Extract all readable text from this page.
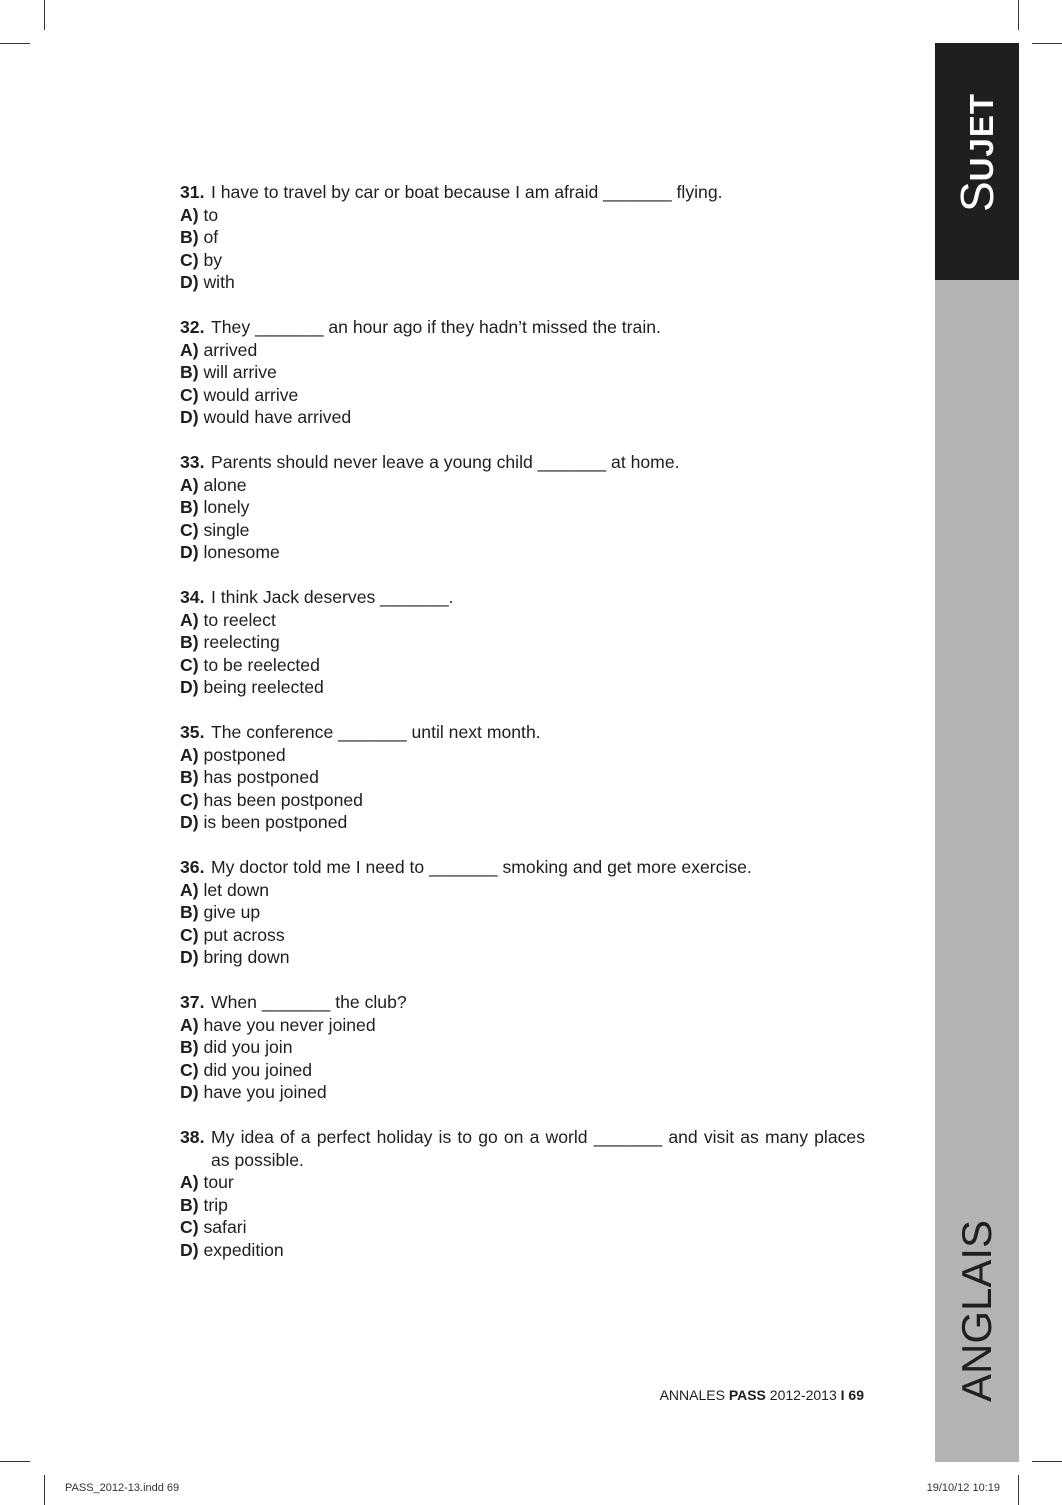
SUJET
ANGLAIS
31. I have to travel by car or boat because I am afraid _______ flying.
A) to
B) of
C) by
D) with
32. They _______ an hour ago if they hadn’t missed the train.
A) arrived
B) will arrive
C) would arrive
D) would have arrived
33. Parents should never leave a young child _______ at home.
A) alone
B) lonely
C) single
D) lonesome
34. I think Jack deserves _______.
A) to reelect
B) reelecting
C) to be reelected
D) being reelected
35. The conference _______ until next month.
A) postponed
B) has postponed
C) has been postponed
D) is been postponed
36. My doctor told me I need to _______ smoking and get more exercise.
A) let down
B) give up
C) put across
D) bring down
37. When _______ the club?
A) have you never joined
B) did you join
C) did you joined
D) have you joined
38. My idea of a perfect holiday is to go on a world _______ and visit as many places as possible.
A) tour
B) trip
C) safari
D) expedition
ANNALES PASS 2012-2013 I 69
PASS_2012-13.indd 69	19/10/12 10:19
